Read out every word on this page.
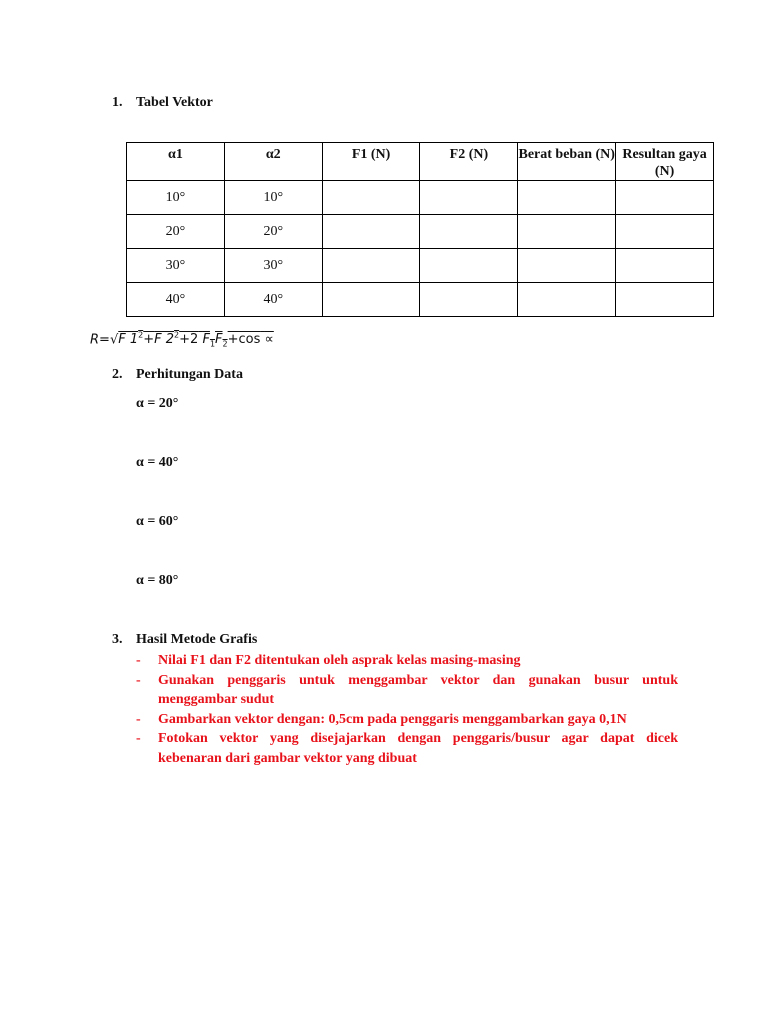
1. Tabel Vektor
α1	α2	F1 (N)	F2 (N)	Berat beban (N)	Resultan gaya (N)
10°	10°				
20°	20°				
30°	30°				
40°	40°				
R=√F $1^2+F$ $2^2+2$ $F_1F_2+\cos$ ∝
2. Perhitungan Data
α = 20°
α = 40°
α = 60°
α = 80°
3. Hasil Metode Grafis
- Nilai F1 dan F2 ditentukan oleh asprak kelas masing-masing
- Gunakan penggaris untuk menggambar vektor dan gunakan busur untuk menggambar sudut
- Gambarkan vektor dengan: 0,5cm pada penggaris menggambarkan gaya 0,1N
- Fotokan vektor yang disejajarkan dengan penggaris/busur agar dapat dicek kebenaran dari gambar vektor yang dibuat
